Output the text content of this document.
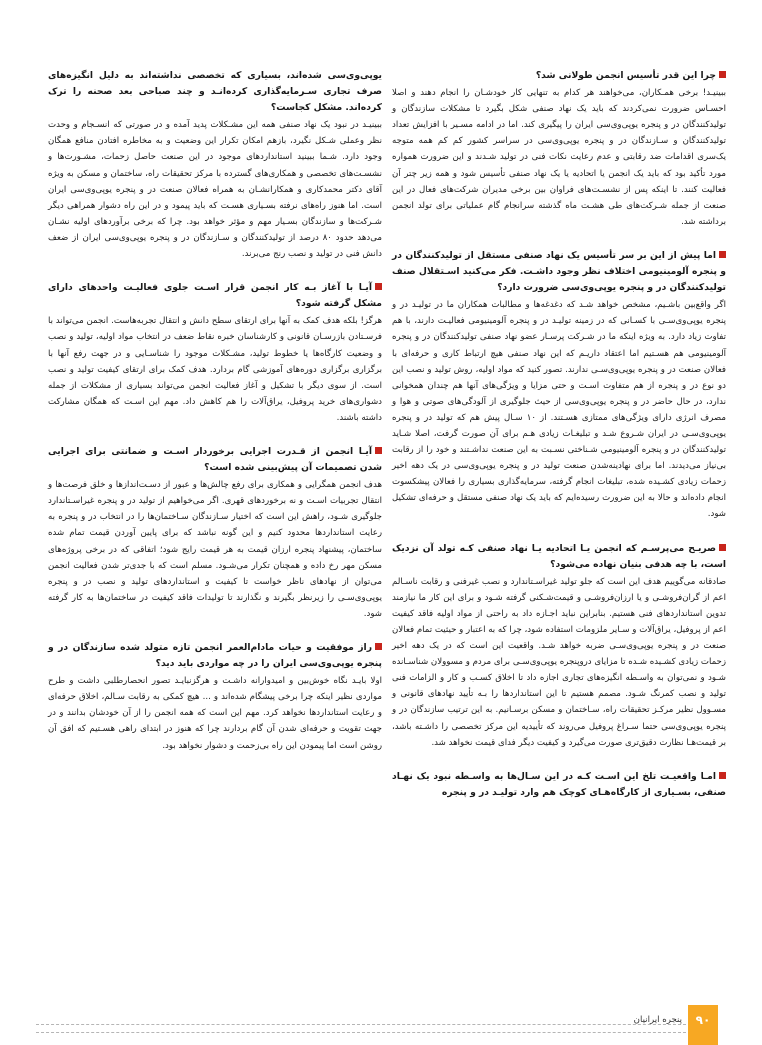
چرا این قدر تأسیس انجمن طولانی شد؟

ببینیـد! برخی همـکاران، می‌خواهند هر کدام به تنهایی کار خودشـان را انجام دهند و اصلا احسـاس ضرورت نمی‌کردند که باید یک نهاد صنفی شکل بگیرد تا مشکلات سازندگان و تولیدکنندگان در و پنجره یوپی‌وی‌سی ایران را پیگیری کند. اما در ادامه مسـیر با افزایش تعداد تولیدکنندگان و سـازندگان در و پنجره یوپی‌وی‌سی در سراسر کشور کم کم همه متوجه یک‌سری اقدامات ضد رقابتی و عدم رعایت نکات فنی در تولید شـدند و این ضرورت همواره مورد تأکید بود که باید یک انجمن یا اتحادیه یا یک نهاد صنفی تأسیس شود و همه زیر چتر آن فعالیت کنند. تا اینکه پس از نشسـت‌های فراوان بین برخی مدیران شرکت‌های فعال در این صنعت از جمله شـرکت‌های طی هشـت ماه گذشته سرانجام گام عملیاتی برای تولد انجمن برداشته شد.

اما پیش از این بر سر تأسیس یک نهاد صنفی مستقل از تولیدکنندگان در و پنجره آلومینیومی اختلاف نظر وجود داشـت. فکر می‌کنید اسـتقلال صنف تولیدکنندگان در و پنجره یوپی‌وی‌سی ضرورت دارد؟

اگر واقع‌بین باشـیم، مشخص خواهد شـد که دغدغه‌ها و مطالبات همکاران ما در تولیـد در و پنجره یوپی‌وی‌سـی با کسـانی که در زمینه تولیـد در و پنجره آلومینیومی فعالیـت دارند، با هم تفاوت زیاد دارد. به ویژه اینکه ما در شـرکت پرسـار عضو نهاد صنفی تولیدکنندگان در و پنجره آلومینیومی هم هسـتیم اما اعتقاد داریـم که این نهاد صنفی هیچ ارتباط کاری و حرفه‌ای با فعالان صنعت در و پنجره یوپی‌وی‌سـی ندارند. تصور کنید که مواد اولیه، روش تولید و نصب این دو نوع در و پنجره از هم متفاوت اسـت و حتی مزایا و ویژگی‌های آنها هم چندان همخوانی ندارد، در حال حاضر در و پنجره یوپی‌وی‌سی از حیث جلوگیری از آلودگی‌های صوتی و هوا و مصرف انرژی دارای ویژگی‌های ممتازی هسـتند. از ۱۰ سـال پیش هم که تولید در و پنجره یوپی‌وی‌سـی در ایران شـروع شـد و تبلیغـات زیادی هـم برای آن صورت گرفت، اصلا شـاید تولیدکنندگان در و پنجره آلومینیومی شـناختی نسـبت به این صنعت نداشـتند و خود را از رقابت بی‌نیاز می‌دیدند. اما برای نهادینه‌شدن صنعت تولید در و پنجره یوپی‌وی‌سی در یک دهه اخیر زحمات زیادی کشـیده شده، تبلیغات انجام گرفته، سرمایه‌گذاری بسیاری را فعالان پیشکسوت انجام داده‌اند و حالا به این ضرورت رسیده‌ایم که باید یک نهاد صنفی مستقل و حرفه‌ای تشکیل شود.

صریـح می‌پرسـم که انجمن یـا اتحادیه یـا نهاد صنفی کـه تولد آن نزدیک است، با چه هدفی بنیان نهاده می‌شود؟

صادقانه می‌گوییم هدف این است که جلو تولید غیراسـتاندارد و نصب غیرفنی و رقابت ناسـالم اعم از گران‌فروشـی و یا ارزان‌فروشـی و قیمت‌شـکنی گرفته شـود و برای این کار ما نیازمند تدوین استانداردهای فنی هستیم. بنابراین نباید اجـازه داد به راحتی از مواد اولیه فاقد کیفیت اعم از پروفیل، یراق‌آلات و سـایر ملزومات استفاده شود، چرا که به اعتبار و حیثیت تمام فعالان صنعت در و پنجره یوپی‌وی‌سـی ضربه خواهد شـد. واقعیت این است که در یک دهه اخیر زحمات زیادی کشـیده شـده تا مزایای دروپنجره یوپی‌وی‌سـی برای مردم و مسوولان شناسـانده شـود و نمی‌توان به واسـطه انگیزه‌های تجاری اجازه داد تا اخلاق کسـب و کار و الزامات فنی تولید و نصب کمرنگ شـود. مصمم هستیم تا این استانداردها را بـه تأیید نهادهای قانونی و مسـوول نظیر مرکـز تحقیقات راه، سـاختمان و مسکن برسـانیم. به این ترتیب سازندگان در و پنجره یوپی‌وی‌سی حتما سـراغ پروفیل می‌روند که تأییدیه این مرکز تخصصی را داشـته باشد، بر قیمت‌هـا نظارت دقیق‌تری صورت می‌گیرد و کیفیت دیگر فدای قیمت نخواهد شد.

امـا واقعیـت تلخ این اسـت کـه در این سـال‌ها به واسـطه نبود یک نهـاد صنفی، بسـیاری از کارگاه‌هـای کوچک هم وارد تولیـد در و پنجره

یوپی‌وی‌سی شده‌اند، بسیاری که تخصصی نداشته‌اند به دلیل انگیزه‌های صرف تجاری سـرمایه‌گذاری کرده‌انـد و چند صباحی بعد صحنه را ترک کرده‌اند. مشکل کجاست؟

ببینیـد در نبود یک نهاد صنفی همه این مشـکلات پدید آمده و در صورتی که انسـجام و وحدت نظر وعملی شـکل نگیرد، بازهم امکان تکرار این وضعیت و به مخاطره افتادن منافع همگان وجود دارد. شـما ببینید استانداردهای موجود در این صنعت حاصل زحمات، مشـورت‌ها و نشسـت‌های تخصصی و همکاری‌های گسترده با مرکز تحقیقات راه، ساختمان و مسکن به ویژه آقای دکتر محمدکاری و همکارانشـان به همراه فعالان صنعت در و پنجره یوپی‌وی‌سی ایران است. اما هنوز راه‌های نرفته بسـیاری هسـت که باید پیمود و در این راه دشوار همراهی دیگر شـرکت‌ها و سازندگان بسـیار مهم و مؤثر خواهد بود. چرا که برخی برآوردهای اولیه نشـان می‌دهد حدود ۸۰ درصد از تولیدکنندگان و سـازندگان در و پنجره یوپی‌وی‌سی ایران از ضعف دانش فنی در تولید و نصب رنج می‌برند.

آیـا با آغاز بـه کار انجمن قرار اسـت جلوی فعالیـت واحدهای دارای مشکل گرفته شود؟

هرگز! بلکه هدف کمک به آنها برای ارتقای سطح دانش و انتقال تجربه‌هاست. انجمن می‌تواند با فرسـتادن بازرسـان قانونی و کارشناسان خبره نقاط ضعف در انتخاب مواد اولیه، تولید و نصب و وضعیت کارگاه‌ها یا خطوط تولید، مشـکلات موجود را شناسـایی و در جهت رفع آنها با برگزاری برگزاری دوره‌های آموزشی گام بردارد. هدف کمک برای ارتقای کیفیت تولید و نصب است. از سوی دیگر با تشکیل و آغاز فعالیت انجمن می‌تواند بسیاری از مشکلات از جمله دشواری‌های خرید پروفیل، یراق‌آلات را هم کاهش داد. مهم این اسـت که همگان مشارکت داشته باشند.

آیـا انجمن از قـدرت اجرایی برخوردار اسـت و ضمانتی برای اجرایی شدن تصمیمات آن پیش‌بینی شده است؟

هدف انجمن همگرایی و همکاری برای رفع چالش‌ها و عبور از دسـت‌اندازها و خلق فرصت‌ها و انتقال تجربیات اسـت و نه برخوردهای قهری. اگر می‌خواهیم از تولید در و پنجره غیراسـتاندارد جلوگیری شـود، راهش این است که اختیار سـازندگان سـاختمان‌ها را در انتخاب در و پنجره به رعایت استانداردها محدود کنیم و این گونه نباشد که برای پایین آوردن قیمت تمام شده ساختمان، پیشنهاد پنجره ارزان قیمت به هر قیمت رایج شود؛ اتفاقی که در برخی پروژه‌های مسکن مهر رخ داده و همچنان تکرار می‌شـود. مسلم است که با جدی‌تر شدن فعالیت انجمن می‌توان از نهادهای ناظر خواست تا کیفیت و استانداردهای تولید و نصب در و پنجره یوپی‌وی‌سـی را زیرنظر بگیرند و نگذارند تا تولیدات فاقد کیفیت در ساختمان‌ها به کار گرفته شود.

راز موفقیت و حیات مادام‌العمر انجمن تازه متولد شده سازندگان در و پنجره یوپی‌وی‌سی ایران را در چه مواردی باید دید؟

اولا بایـد نگاه خوش‌بین و امیدوارانه داشـت و هرگزنبایـد تصور انحصارطلبی داشت و طرح مواردی نظیر اینکه چرا برخی پیشگام شده‌اند و ... هیچ کمکی به رقابت سـالم، اخلاق حرفه‌ای و رعایت استانداردها نخواهد کرد. مهم این است که همه انجمن را از آن خودشان بدانند و در جهت تقویت و حرفه‌ای شدن آن گام بردارند چرا که هنوز در ابتدای راهی هسـتیم که افق آن روشن است اما پیمودن این راه بی‌زحمت و دشوار نخواهد بود.

۹۰
پنجره ایرانیان
